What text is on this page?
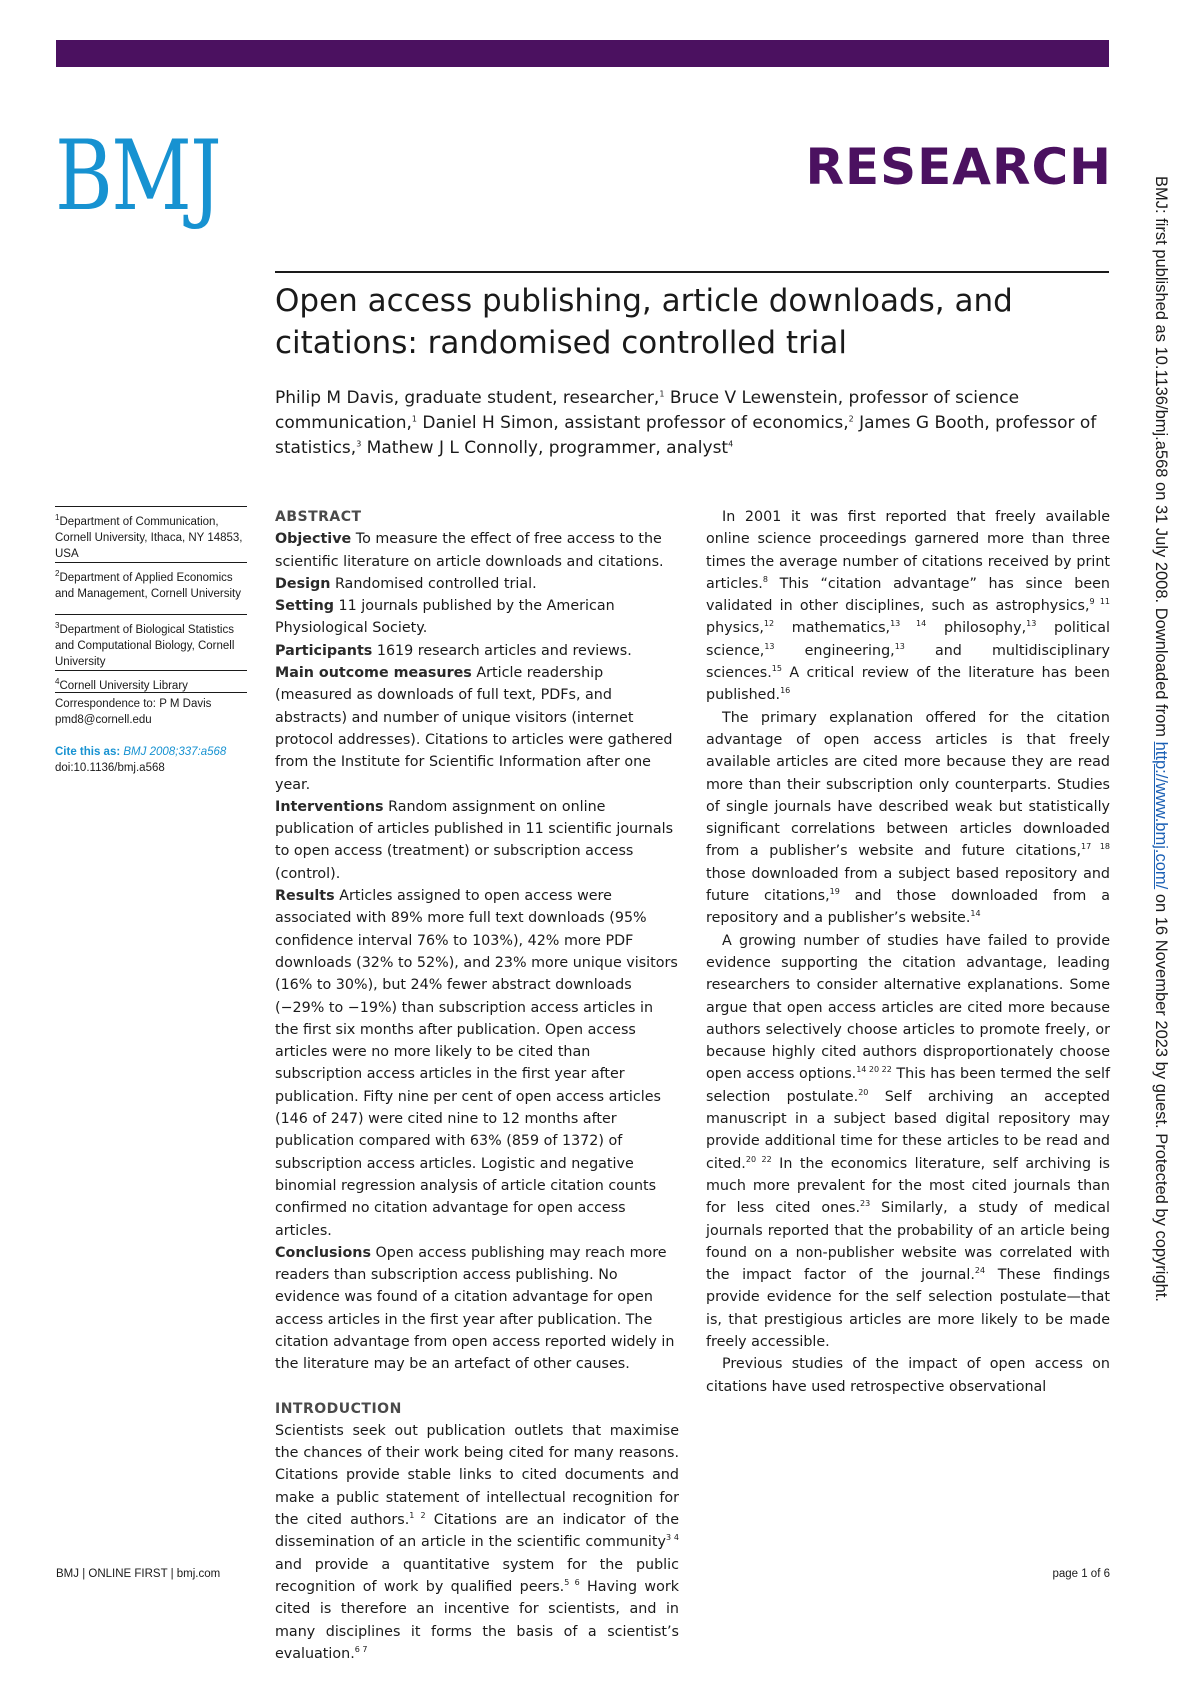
BMJ	RESEARCH
BMJ: first published as 10.1136/bmj.a568 on 31 July 2008. Downloaded from http://www.bmj.com/ on 16 November 2023 by guest. Protected by copyright.
Open access publishing, article downloads, and citations: randomised controlled trial
Philip M Davis, graduate student, researcher,$^1$ Bruce V Lewenstein, professor of science communication,$^1$ Daniel H Simon, assistant professor of economics,$^2$ James G Booth, professor of statistics,$^3$ Mathew J L Connolly, programmer, analyst$^4$
$^1$Department of Communication, Cornell University, Ithaca, NY 14853, USA
$^2$Department of Applied Economics and Management, Cornell University
$^3$Department of Biological Statistics and Computational Biology, Cornell University
$^4$Cornell University Library
Correspondence to: P M Davis
pmd8@cornell.edu
Cite this as: BMJ 2008;337:a568
doi:10.1136/bmj.a568

ABSTRACT

Objective To measure the effect of free access to the scientific literature on article downloads and citations.

Design Randomised controlled trial.

Setting 11 journals published by the American Physiological Society.

Participants 1619 research articles and reviews.

Main outcome measures Article readership (measured as downloads of full text, PDFs, and abstracts) and number of unique visitors (internet protocol addresses). Citations to articles were gathered from the Institute for Scientific Information after one year.

Interventions Random assignment on online publication of articles published in 11 scientific journals to open access (treatment) or subscription access (control).

Results Articles assigned to open access were associated with 89% more full text downloads (95% confidence interval 76% to 103%), 42% more PDF downloads (32% to 52%), and 23% more unique visitors (16% to 30%), but 24% fewer abstract downloads (−29% to −19%) than subscription access articles in the first six months after publication. Open access articles were no more likely to be cited than subscription access articles in the first year after publication. Fifty nine per cent of open access articles (146 of 247) were cited nine to 12 months after publication compared with 63% (859 of 1372) of subscription access articles. Logistic and negative binomial regression analysis of article citation counts confirmed no citation advantage for open access articles.

Conclusions Open access publishing may reach more readers than subscription access publishing. No evidence was found of a citation advantage for open access articles in the first year after publication. The citation advantage from open access reported widely in the literature may be an artefact of other causes.

INTRODUCTION

Scientists seek out publication outlets that maximise the chances of their work being cited for many reasons. Citations provide stable links to cited documents and make a public statement of intellectual recognition for the cited authors.$^{1 2}$ Citations are an indicator of the dissemination of an article in the scientific community$^{3 4}$ and provide a quantitative system for the public recognition of work by qualified peers.$^{5 6}$ Having work cited is therefore an incentive for scientists, and in many disciplines it forms the basis of a scientist’s evaluation.$^{6 7}$

In 2001 it was first reported that freely available online science proceedings garnered more than three times the average number of citations received by print articles.$^8$ This “citation advantage” has since been validated in other disciplines, such as astrophysics,$^{9 11}$ physics,$^{12}$ mathematics,$^{13 14}$ philosophy,$^{13}$ political science,$^{13}$ engineering,$^{13}$ and multidisciplinary sciences.$^{15}$ A critical review of the literature has been published.$^{16}$

The primary explanation offered for the citation advantage of open access articles is that freely available articles are cited more because they are read more than their subscription only counterparts. Studies of single journals have described weak but statistically significant correlations between articles downloaded from a publisher’s website and future citations,$^{17 18}$ those downloaded from a subject based repository and future citations,$^{19}$ and those downloaded from a repository and a publisher’s website.$^{14}$

A growing number of studies have failed to provide evidence supporting the citation advantage, leading researchers to consider alternative explanations. Some argue that open access articles are cited more because authors selectively choose articles to promote freely, or because highly cited authors disproportionately choose open access options.$^{14 20 22}$ This has been termed the self selection postulate.$^{20}$ Self archiving an accepted manuscript in a subject based digital repository may provide additional time for these articles to be read and cited.$^{20 22}$ In the economics literature, self archiving is much more prevalent for the most cited journals than for less cited ones.$^{23}$ Similarly, a study of medical journals reported that the probability of an article being found on a non-publisher website was correlated with the impact factor of the journal.$^{24}$ These findings provide evidence for the self selection postulate—that is, that prestigious articles are more likely to be made freely accessible.

Previous studies of the impact of open access on citations have used retrospective observational

BMJ | ONLINE FIRST | bmj.com	page 1 of 6
